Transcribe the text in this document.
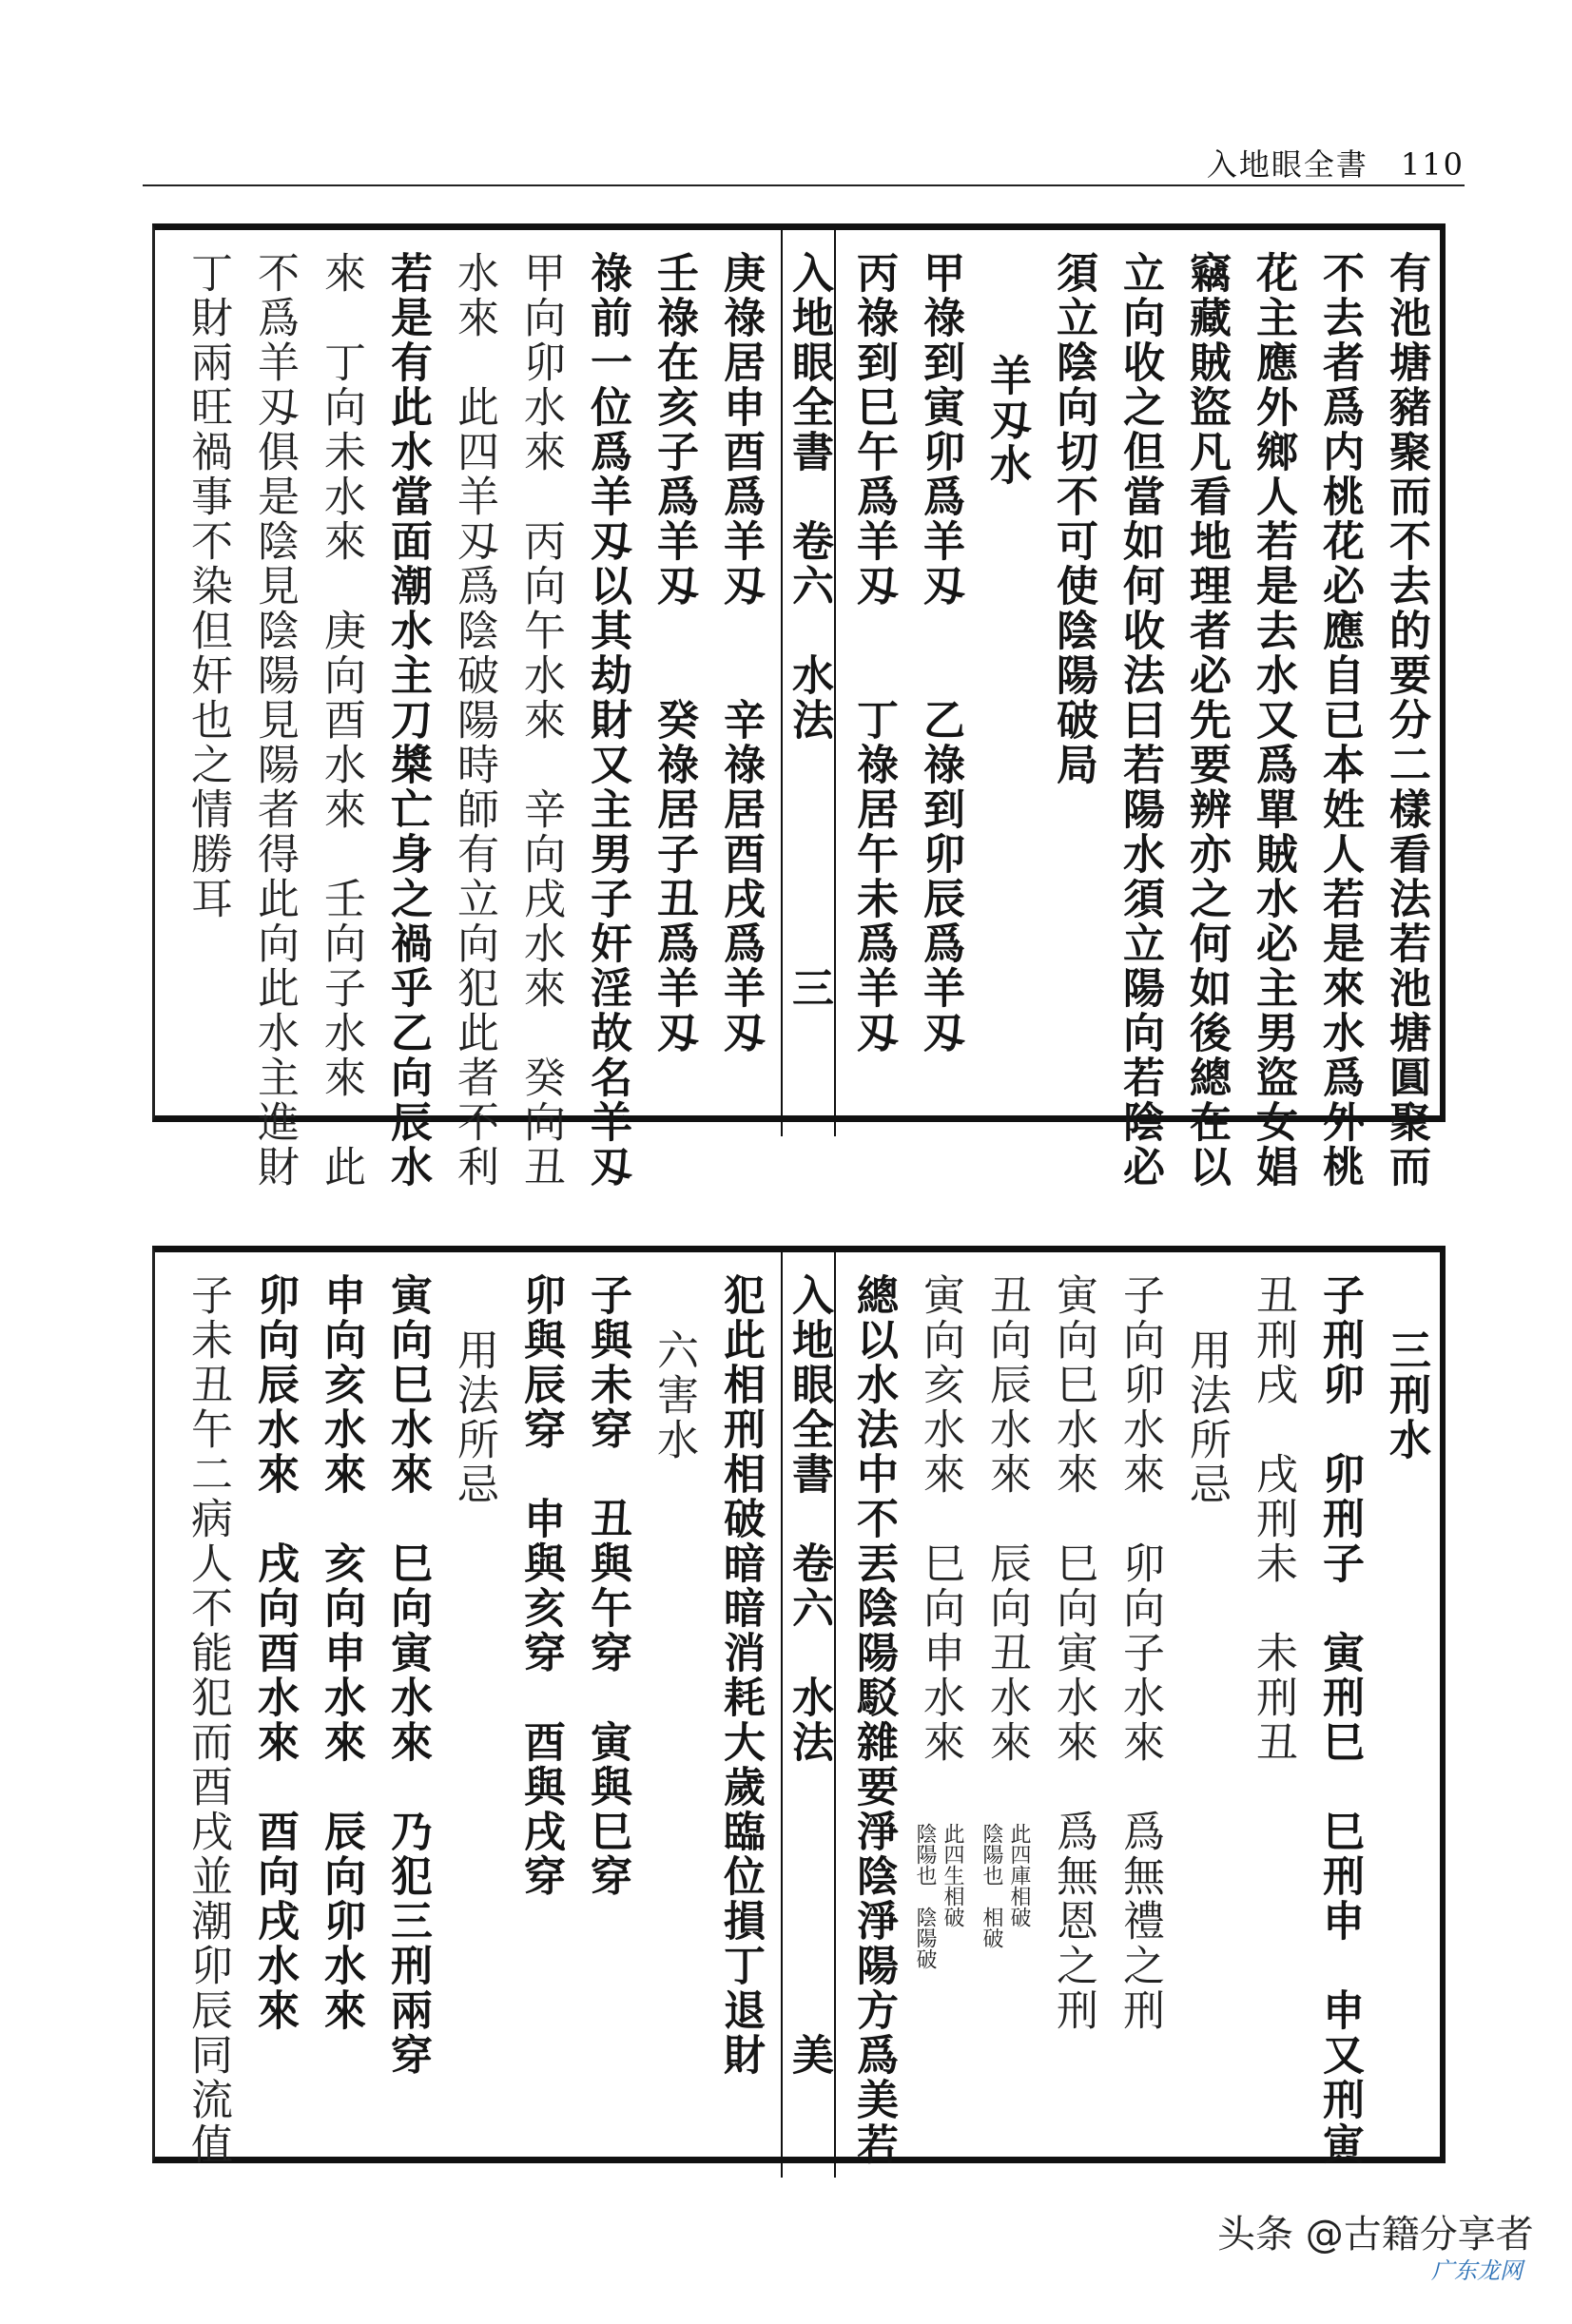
入地眼全書　110
有池塘豬聚而不去的要分二樣看法若池塘圓聚而
不去者爲内桃花必應自已本姓人若是來水爲外桃
花主應外鄉人若是去水又爲單賊水必主男盜女娼
竊藏賊盜凡看地理者必先要辨亦之何如後總在以
立向收之但當如何收法曰若陽水須立陽向若陰必
須立陰向切不可使陰陽破局
羊刄水
甲祿到寅卯爲羊刄　　乙祿到卯辰爲羊刄
丙祿到巳午爲羊刄　　丁祿居午未爲羊刄
入地眼全書　卷六　水法　　　　　三
庚祿居申酉爲羊刄　　辛祿居酉戌爲羊刄
壬祿在亥子爲羊刄　　癸祿居子丑爲羊刄
祿前一位爲羊刄以其劫財又主男子奸淫故名羊刄
甲向卯水來　丙向午水來　辛向戌水來　癸向丑
水來　此四羊刄爲陰破陽時師有立向犯此者不利
若是有此水當面潮水主刀槳亡身之禍乎乙向辰水
來　丁向未水來　庚向酉水來　壬向子水來　此
不爲羊刄俱是陰見陰陽見陽者得此向此水主進財
丁財兩旺禍事不染但奸也之情勝耳
三刑水
子刑卯　卯刑子　寅刑巳　巳刑申　申又刑寅
丑刑戌　戌刑未　未刑丑
用法所忌
子向卯水來　卯向子水來　爲無禮之刑
寅向巳水來　巳向寅水來　爲無恩之刑
丑向辰水來　辰向丑水來
寅向亥水來　巳向申水來
此四庫相破
陰陽也　相破
此四生相破
陰陽也　陰陽破
總以水法中不丟陰陽駁雜要淨陰淨陽方爲美若
入地眼全書　卷六　水法　　　　　　美
犯此相刑相破暗暗消耗大歲臨位損丁退財
六害水
子與未穿　丑與午穿　寅與巳穿
卯與辰穿　申與亥穿　酉與戌穿
用法所忌
寅向巳水來　巳向寅水來　乃犯三刑兩穿
申向亥水來　亥向申水來　辰向卯水來
卯向辰水來　戌向酉水來　酉向戌水來
子未丑午二病人不能犯而酉戌並潮卯辰同流值
头条 @古籍分享者
广东龙网
